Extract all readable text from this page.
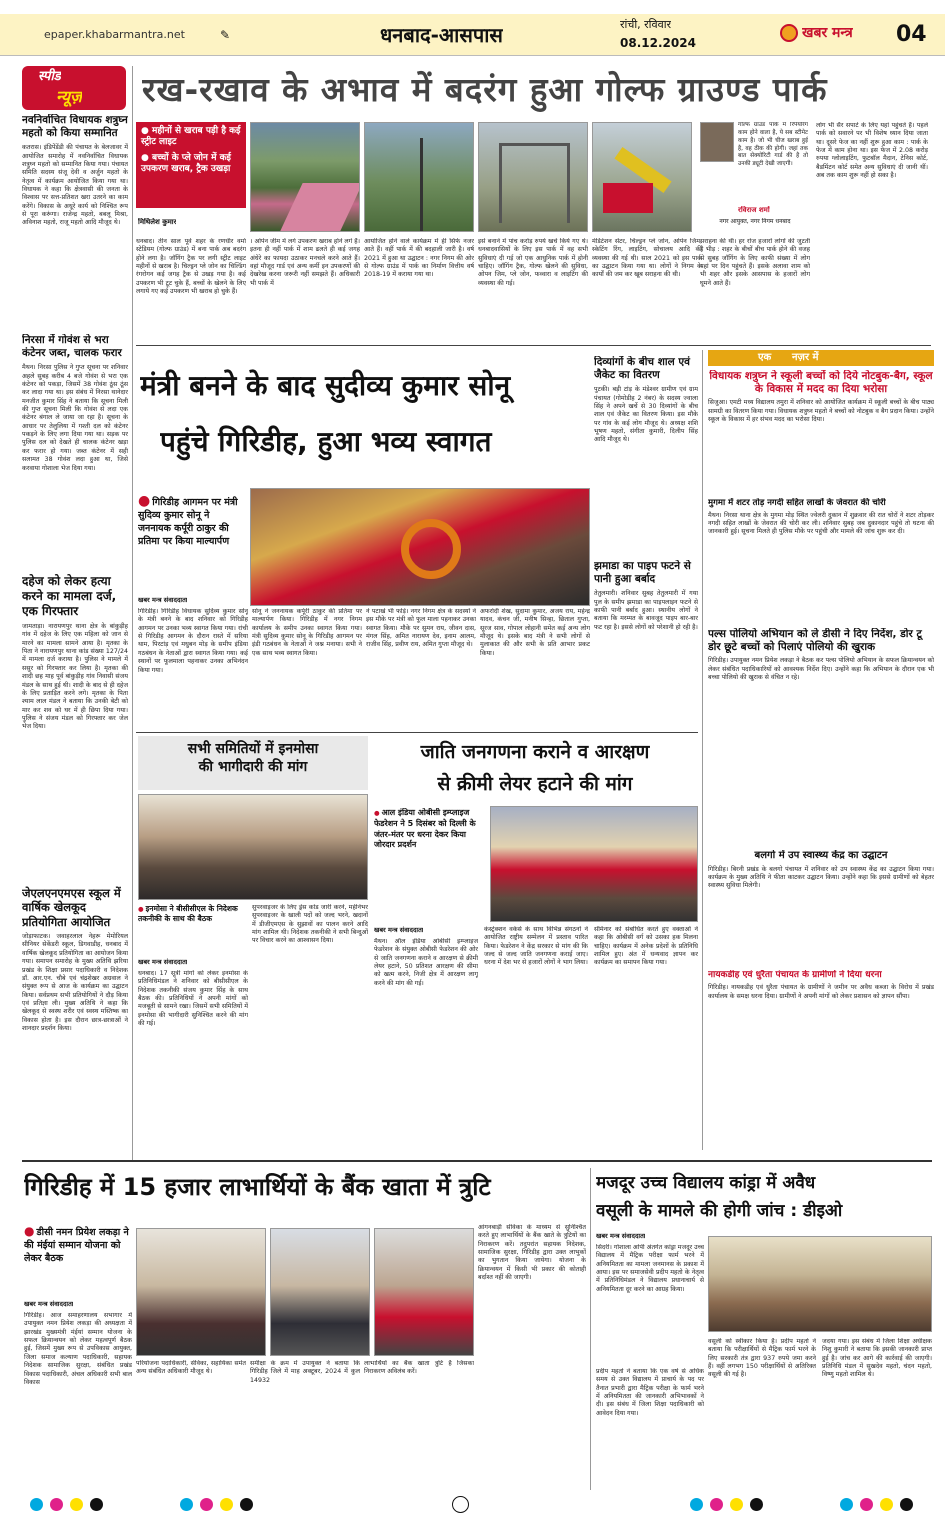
epaper.khabarmantra.net	✎	धनबाद-आसपास	रांची, रविवार
08.12.2024
खबर मन्त्र 04
स्पीड
न्यूज़
नवनिर्वाचित विधायक शत्रुघ्न महतो को किया सम्मानित
कतरास। इंडिपेंडेंडी की पंचायत के बेलजावर में आयोजित समारोह में नवनिर्वाचित विधायक शत्रुघ्न महतो को सम्मानित किया गया। पंचायत समिति सदस्य संजू देवी व अर्जुन महतो के नेतृत्व में कार्यक्रम आयोजित किया गया था। विधायक ने कहा कि क्षेत्रवासी की जनता के विश्वास पर सत्त-प्रतिशत खरा उतरने का काम करेंगे। विकास के अधूरे कार्य को निश्चित रूप से पूरा करूंगा। राजेन्द्र महतो, बबलू मिश्रा, अविनाश महतो, राजू महतो आदि मौजूद थे।
निरसा में गोवंश से भरा कंटेनर जब्त, चालक फरार
मैथन। निरसा पुलिस ने गुप्त सूचना पर शनिवार अहले सुबह करीब 4 बजे गोवंश से भरा एक कंटेनर को पकड़ा, जिसमें 38 गोवंश ठूंस ठूंस कर लादा गया था। इस संबंध में निरसा थानेदार मनजीत कुमार सिंह ने बताया कि सूचना मिली की गुप्त सूचना मिली कि गोवंश से लदा एक कंटेनर बंगाल ले जाया जा रहा है। सूचना के आधार पर तेलुलिया में गश्ती दल को कंटेनर पकड़ने के लिए लगा दिया गया था। सड़क पर पुलिस दल को देखते ही चालक कंटेनर खड़ा कर फरार हो गया। जब्त कंटेनर में सही सलामत 38 गोवंश लदा हुआ था, जिसे करवाया गोशाला भेज दिया गया।
दहेज को लेकर हत्या करने का मामला दर्ज, एक गिरफ्तार
जामताड़ा। नारायणपुर थाना क्षेत्र के बांकुड़ीह गांव में दहेज के लिए एक महिला को जान से मारने का मामला सामने आया है। मृतका के पिता ने नारायणपुर थाना कांड संख्या 127/24 में मामला दर्ज कराया है। पुलिस ने मामले में ससुर को गिरफ्तार कर लिया है। मृतका की शादी छह माह पूर्व बांकुड़ीह गांव निवासी संजय मंडल के साथ हुई थी। शादी के बाद से ही दहेज के लिए प्रताड़ित करने लगे। मृतका के पिता श्याम लाल मंडल ने बताया कि उनकी बेटी को मार कर शव को घर में ही छिपा दिया गया। पुलिस ने संजय मंडल को गिरफ्तार कर जेल भेज दिया।
जेएलएनएमएस स्कूल में वार्षिक खेलकूद प्रतियोगिता आयोजित
जोड़ाफाटक। जवाहरलाल नेहरू मेमोरियल सीनियर सेकेंडरी स्कूल, डिगवाडीह, धनबाद में वार्षिक खेलकूद प्रतियोगिता का आयोजन किया गया। समापन समारोह के मुख्य अतिथि झरिया प्रखंड के शिक्षा प्रसार पदाधिकारी व निदेशक डॉ. आर.एन. चौबे एवं चंद्रशेखर अग्रवाल ने संयुक्त रूप से आज के कार्यक्रम का उद्घाटन किया। सर्वप्रथम सभी प्रतियोगियों ने दौड़ किया एवं प्रतिज्ञा ली। मुख्य अतिथि ने कहा कि खेलकूद से स्वस्थ शरीर एवं स्वस्थ मस्तिष्क का विकास होता है। इस दौरान छात्र-छात्राओं ने शानदार प्रदर्शन किया।
रख-रखाव के अभाव में बदरंग हुआ गोल्फ ग्राउण्ड पार्क
● महीनों से खराब पड़ी है कई स्ट्रीट लाइट
● बच्चों के प्ले जोन में कई उपकरण खराब, ट्रैक उखड़ा
मिथिलेश कुमार
धनबाद। तीन साल पूर्व शहर के रणधीर वर्मा स्टेडियम (गोल्फ ग्राउंड) में बना पार्क अब बदरंग होने लगा है। जॉगिंग ट्रैक पर लगी स्ट्रीट लाइट महीनों से खराब है। चिल्ड्रन प्ले जोन का चिल्डिंग रंगरोगन कई जगह ट्रैक से उखड़ गया है। कई उपकरण भी टूट चुके हैं, बच्चों के खेलने के लिए लगाये गए कई उपकरण भी खराब हो चुके हैं।
। ओपेन जीम में लगे उपकरण खराब होने लगे हैं। इतना ही नहीं पार्क में शाम ढलते ही कई जगह अंधेरे का फायदा उठाकर मनचले करने आते हैं। वहां मौजूद गार्ड एवं अन्य कर्मी इन उपकरणों की देखरेख करना जरूरी नहीं समझते हैं। अधिकारी भी पार्क में
आयोजित होने वाले कार्यक्रम में ही सिर्फ नजर आते हैं। वहीं पार्क में की बदहाली जारी है। वर्ष 2021 में हुआ था उद्घाटन : नगर निगम की ओर से गोल्फ ग्राउंड में पार्क का निर्माण वित्तीय वर्ष 2018-19 में कराया गया था।
इसे बनाने में पांच करोड़ रुपये खर्च किये गए थे। धनबादवासियों के लिए इस पार्क में वह सभी सुविधाएं दी गई जो एक आधुनिक पार्क में होनी चाहिए। जॉगिंग ट्रैक, गोल्फ खेलने की सुविधा, ओपन जिम, प्ले जोन, फव्वारा व लाइटिंग की व्यवस्था की गई।
मेडिटेशन सेंटर, चिल्ड्रन प्ले जोन, ओपेन जिम, स्केटिंग रिंग, लाइटिंग, सोचालय आदि की व्यवस्था की गई थी। साल 2021 को इस पार्क का उद्घाटन किया गया था। लोगों ने निगम के कार्यों की जम कर खूब सराहना की थी।
गोल्फ ग्राउंड पार्क में रिपेयरिंग काम होने वाला है, ये सब स्टीमेट काम है। जो भी चीज खराब हुई है, वह ठीक की होगी। जहां तक बात सेक्योरिटी गार्ड की है तो उनकी ड्यूटी देखी जाएगी।
रविराज शर्मा
नगर आयुक्त, नगर निगम धनबाद
सराहना की थी। हर रोज हजारों लोगों की जुटती है भीड़ : शहर के बीचों बीच पार्क होने की वजह से सुबह जॉगिंग के लिए काफी संख्या में लोग यहां पर दिन पहुंचते हैं। इसके अलावा शाम को भी शहर और इसके आसपास के हजारों लोग घूमने आते हैं।
लोग भी सैर सपाटे के लिए यहां पहुंचते हैं। पहले पार्क को सवारने पर भी विशेष ध्यान दिया जाता था। दूसरे फेज का नहीं शुरू हुआ काम : पार्क के फेज में काम होना था। इस फेज में 2.08 करोड़ रुपया ग्लोलाइटिंग, फुटबॉल मैदान, टेनिस कोर्ट, बैडमिंटन कोर्ट समेत अन्य सुविधाएं दी जानी थीं। अब तक काम शुरू नहीं हो सका है।
मंत्री बनने के बाद सुदीव्य कुमार सोनू
पहुंचे गिरिडीह, हुआ भव्य स्वागत
● गिरिडीह आगमन पर मंत्री सुदिव्य कुमार सोनू ने जननायक कर्पूरी ठाकुर की प्रतिमा पर किया माल्यार्पण
खबर मन्त्र संवाददाता
गिरिडीह। गिरिडीह विधायक सुदिव्य कुमार सोनू के मंत्री बनने के बाद शनिवार को गिरिडीह आगमन पर उनका भव्य स्वागत किया गया। रांची से गिरिडीह आगमन के दौरान रास्ते में सरिया थाम, पिरटांड़ एवं मधुबन मोड़ के समीप इंडिया गठबंधन के नेताओं द्वारा स्वागत किया गया। कई स्थानों पर फूलमाला पहनाकर उनका अभिनंदन किया गया।
सोनू ने जननायक कर्पूरी ठाकुर की प्रतिमा पर माल्यार्पण किया। गिरिडीह में नगर निगम कार्यालय के समीप उनका स्वागत किया गया। मंत्री सुदिव्य कुमार सोनू के गिरिडीह आगमन पर इंडी गठबंधन के नेताओं ने जश्न मनाया। सभी ने एक साथ भव्य स्वागत किया।
ने पटाखे भी फोड़े। नगर निगम क्षेत्र के सदस्यों ने इस मौके पर मंत्री को फूल माला पहनाकर उनका स्वागत किया। मौके पर सुमन राय, जीवन दास, मंगल सिंह, अमित नारायण देव, इनाम आलम, राजीव सिंह, प्रवीण राय, अमित गुप्ता मौजूद थे।
अफरोदी शेख, सुदामा कुमार, अजय राय, महेन्द्र यादव, कंचन जी, मनीष सिन्हा, छिताल गुप्ता, सूरज साव, गोपाल लोहानी समेत कई अन्य लोग मौजूद थे। इसके बाद मंत्री ने सभी लोगों से मुलाकात की और सभी के प्रति आभार प्रकट किया।
दिव्यांगों के बीच शाल एवं जैकेट का वितरण
पुटकी। बड़ी टांड़ के मंडेश्वर ग्रामीण एवं ग्राम पंचायत (गोमोडीह 2 नंबर) के सदस्य ज्वाला सिंह ने अपने खर्चे से 30 दिव्यांगों के बीच शाल एवं जैकेट का वितरण किया। इस मौके पर गांव के कई लोग मौजूद थे। अध्यक्ष शशि भूषण महतो, संगीता कुमारी, दिलीप सिंह आदि मौजूद थे।
झमाडा का पाइप फटने से पानी हुआ बर्बाद
तेतुलमारी। शनिवार सुबह तेतुलमारी में गया पुल के समीप झमाडा का पाइपलाइन फटने से काफी पानी बर्बाद हुआ। स्थानीय लोगों ने बताया कि मरम्मत के बावजूद पाइप बार-बार फट रहा है। इससे लोगों को परेशानी हो रही है।
एक नज़र में
विधायक शत्रुघ्न ने स्कूली बच्चों को दिये नोटबुक-बैग, स्कूल के विकास में मदद का दिया भरोसा
सिजुआ। एमटी मध्य विद्यालय तमुरा में शनिवार को आयोजित कार्यक्रम में स्कूली बच्चों के बीच पाठ्य सामग्री का वितरण किया गया। विधायक शत्रुघ्न महतो ने बच्चों को नोटबुक व बैग प्रदान किया। उन्होंने स्कूल के विकास में हर संभव मदद का भरोसा दिया।
मुगमा में शटर तोड़ नगदी सहित लाखों के जेवरात की चोरी
मैथन। निरसा थाना क्षेत्र के मुगमा मोड़ स्थित ज्वेलरी दुकान में शुक्रवार की रात चोरों ने शटर तोड़कर नगदी सहित लाखों के जेवरात की चोरी कर ली। शनिवार सुबह जब दुकानदार पहुंचे तो घटना की जानकारी हुई। सूचना मिलते ही पुलिस मौके पर पहुंची और मामले की जांच शुरू कर दी।
पल्स पोलियो अभियान को ले डीसी ने दिए निर्देश, डोर टू डोर छूटे बच्चों को पिलाएं पोलियो की खुराक
गिरिडीह। उपायुक्त नमन प्रियेश लकड़ा ने बैठक कर पल्स पोलियो अभियान के सफल क्रियान्वयन को लेकर संबंधित पदाधिकारियों को आवश्यक निर्देश दिए। उन्होंने कहा कि अभियान के दौरान एक भी बच्चा पोलियो की खुराक से वंचित न रहे।
बलगो में उप स्वास्थ्य केंद्र का उद्घाटन
गिरिडीह। बिरनी प्रखंड के बलगो पंचायत में शनिवार को उप स्वास्थ्य केंद्र का उद्घाटन किया गया। कार्यक्रम के मुख्य अतिथि ने फीता काटकर उद्घाटन किया। उन्होंने कहा कि इससे ग्रामीणों को बेहतर स्वास्थ्य सुविधा मिलेगी।
नायकडीह एवं धुरैता पंचायत के ग्रामीणों ने दिया धरना
गिरिडीह। नायकडीह एवं धुरैता पंचायत के ग्रामीणों ने जमीन पर अवैध कब्जा के विरोध में प्रखंड कार्यालय के समक्ष धरना दिया। ग्रामीणों ने अपनी मांगों को लेकर प्रशासन को ज्ञापन सौंपा।
सभी समितियों में इनमोसा
की भागीदारी की मांग
● इनमोसा ने बीसीसीएल के निदेशक तकनीकी के साथ की बैठक
खबर मन्त्र संवाददाता
धनबाद। 17 सूत्री मांगों को लेकर इनमोसा के प्रतिनिधिमंडल ने शनिवार को बीसीसीएल के निदेशक तकनीकी संजय कुमार सिंह के साथ बैठक की। प्रतिनिधियों ने अपनी मांगों को मजबूती से सामने रखा। जिसमें सभी समितियों में इनमोसा की भागीदारी सुनिश्चित करने की मांग की गई।
सुपरवाइजर के लिए ड्रेस कोड जारी करने, महीनेभर सुपरवाइजर के खाली पदों को जल्द भरने, खदानों में डीजीएमएस के सुझावों का पालन करने आदि मांग शामिल थी। निदेशक तकनीकी ने सभी बिन्दुओं पर विचार करने का आश्वासन दिया।
जाति जनगणना कराने व आरक्षण
से क्रीमी लेयर हटाने की मांग
● आल इंडिया ओबीसी इम्प्लाइज फेडरेशन ने 5 दिसंबर को दिल्ली के जंतर-मंतर पर धरना देकर किया जोरदार प्रदर्शन
खबर मन्त्र संवाददाता
मैथन। ऑल इंडिया ओबीसी इम्प्लाइज फेडरेशन के संयुक्त ओबीसी फेडरेशन की ओर से जाति जनगणना कराने व आरक्षण से क्रीमी लेयर हटाने, 50 प्रतिशत आरक्षण की सीमा को खत्म करने, निजी क्षेत्र में आरक्षण लागू करने की मांग की गई।
कंस्ट्रेक्शन वर्कर्स के साथ विभिन्न संगठनों ने आयोजित राष्ट्रीय सम्मेलन में प्रस्ताव पारित किया। फेडरेशन ने केंद्र सरकार से मांग की कि जल्द से जल्द जाति जनगणना कराई जाए। धरना में देश भर से हजारों लोगों ने भाग लिया।
सेमिनार को संबोधित करते हुए वक्ताओं ने कहा कि ओबीसी वर्ग को उसका हक मिलना चाहिए। कार्यक्रम में अनेक प्रदेशों के प्रतिनिधि शामिल हुए। अंत में धन्यवाद ज्ञापन कर कार्यक्रम का समापन किया गया।
गिरिडीह में 15 हजार लाभार्थियों के बैंक खाता में त्रुटि
● डीसी नमन प्रियेश लकड़ा ने की मंईयां सम्मान योजना को लेकर बैठक
खबर मन्त्र संवाददाता
गिरिडीह। आज समाहरणालय सभागार में उपायुक्त नमन प्रियेश लकड़ा की अध्यक्षता में झारखंड मुख्यमंत्री मंईयां सम्मान योजना के सफल क्रियान्वयन को लेकर महत्वपूर्ण बैठक हुई, जिसमें मुख्य रूप से उपविकास आयुक्त, जिला समाज कल्याण पदाधिकारी, सहायक निदेशक सामाजिक सुरक्षा, संबंधित प्रखंड विकास पदाधिकारी, अंचल अधिकारी सभी बाल विकास
परियोजना पदाधिकारी, सेविका, सहायिका समेत अन्य संबंधित अधिकारी मौजूद थे।
समीक्षा के क्रम में उपायुक्त ने बताया कि गिरिडीह जिले में माह अक्टूबर, 2024 में कुल 14932
लाभार्थियों का बैंक खाता त्रुटि है जिसका निराकरण अविलंब करें।
आंगनबाड़ी सेविका के माध्यम से सुनिश्चित करते हुए लाभार्थियों के बैंक खाते के त्रुटियों का निराकरण करें। तदुपरांत सहायक निदेशक, सामाजिक सुरक्षा, गिरिडीह द्वारा उक्त लाभुकों का भुगतान किया जायेगा। योजना के क्रियान्वयन में किसी भी प्रकार की कोताही बर्दाश्त नहीं की जाएगी।
मजदूर उच्च विद्यालय कांड्रा में अवैध
वसूली के मामले की होगी जांच : डीइओ
खबर मन्त्र संवाददाता
सिंदरी। गोशाला ओपी अंतर्गत कांड्रा मजदूर उच्च विद्यालय में मैट्रिक परीक्षा फार्म भरने में अनियमितता का मामला जनमानस के प्रकाश में आया। इस पर समाजसेवी प्रदीप महतो के नेतृत्व में प्रतिनिधिमंडल ने विद्यालय प्रधानाचार्य से अनियमितता दूर करने का आग्रह किया।
प्रदीप महतो ने बताया कि एक वर्ष से अधिक समय से उक्त विद्यालय में प्राचार्य के पद पर तैनात प्रभारी द्वारा मैट्रिक परीक्षा के फार्म भरने में अनियमितता की जानकारी अभिभावकों ने दी। इस संबंध में जिला शिक्षा पदाधिकारी को आवेदन दिया गया।
वसूली को स्वीकार किया है। प्रदीप महतो ने बताया कि परीक्षार्थियों से मैट्रिक फार्म भरने के लिए सरकारी तंत्र द्वारा 937 रुपये जमा करने हैं। वहीं लगभग 150 परीक्षार्थियों से अतिरिक्त वसूली की गई है।
जदया गया। इस संबंध में जिला शिक्षा अधीक्षक निशु कुमारी ने बताया कि इसकी जानकारी प्राप्त हुई है। जांच कर आगे की कार्रवाई की जाएगी। प्रतिनिधि मंडल में सुखदेव महतो, चंदन महतो, विष्णु महतो शामिल थे।
